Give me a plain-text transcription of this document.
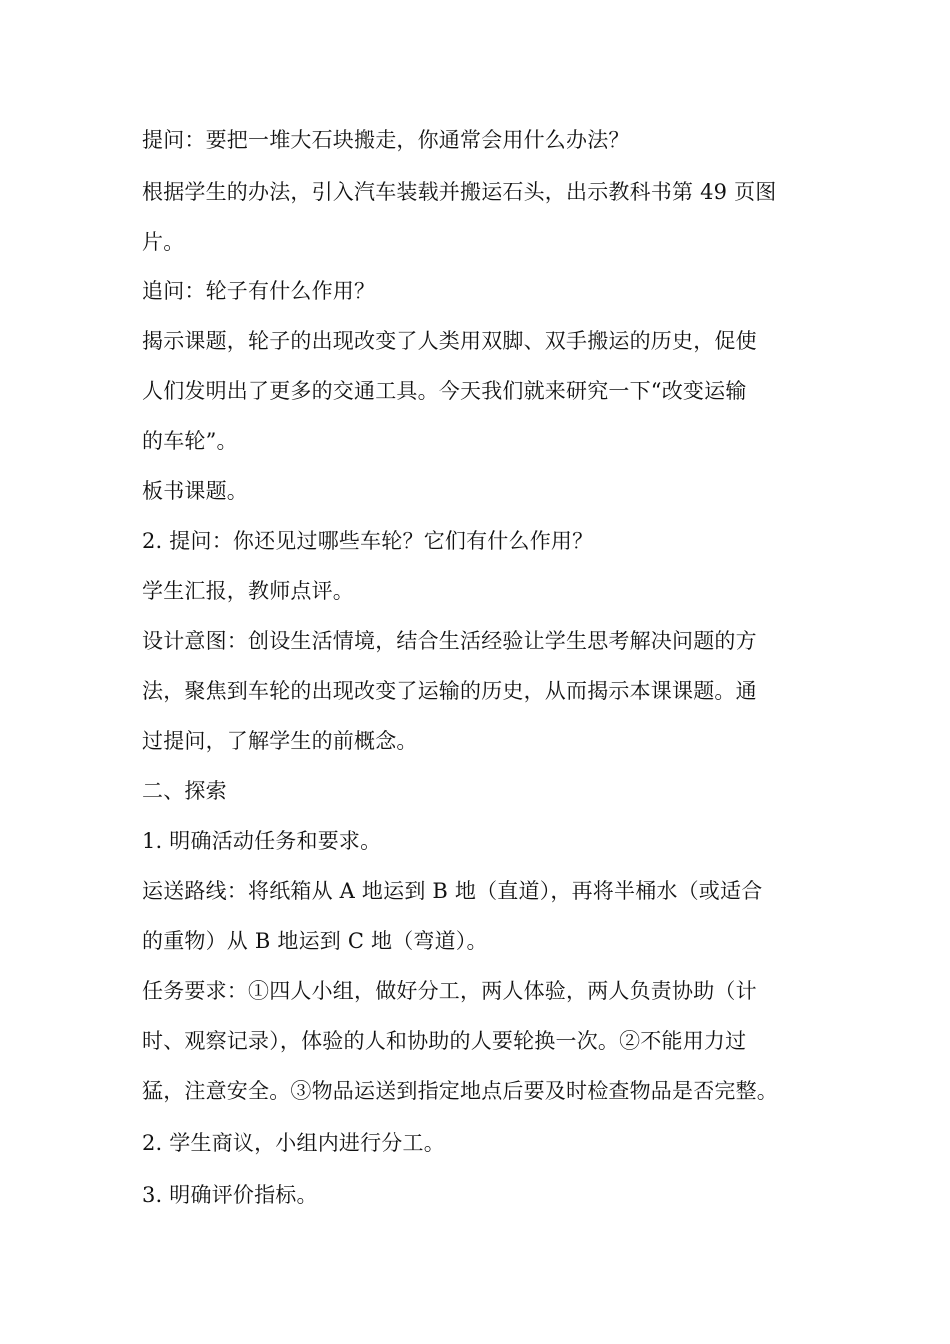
提问：要把一堆大石块搬走，你通常会用什么办法？

根据学生的办法，引入汽车装载并搬运石头，出示教科书第 49 页图

片。

追问：轮子有什么作用？

揭示课题，轮子的出现改变了人类用双脚、双手搬运的历史，促使

人们发明出了更多的交通工具。今天我们就来研究一下“改变运输

的车轮”。

板书课题。

2. 提问：你还见过哪些车轮？它们有什么作用？

学生汇报，教师点评。

设计意图：创设生活情境，结合生活经验让学生思考解决问题的方

法，聚焦到车轮的出现改变了运输的历史，从而揭示本课课题。通

过提问，了解学生的前概念。

二、探索

1. 明确活动任务和要求。

运送路线：将纸箱从 A 地运到 B 地（直道），再将半桶水（或适合

的重物）从 B 地运到 C 地（弯道）。

任务要求：①四人小组，做好分工，两人体验，两人负责协助（计

时、观察记录），体验的人和协助的人要轮换一次。②不能用力过

猛，注意安全。③物品运送到指定地点后要及时检查物品是否完整。

2. 学生商议，小组内进行分工。

3. 明确评价指标。
